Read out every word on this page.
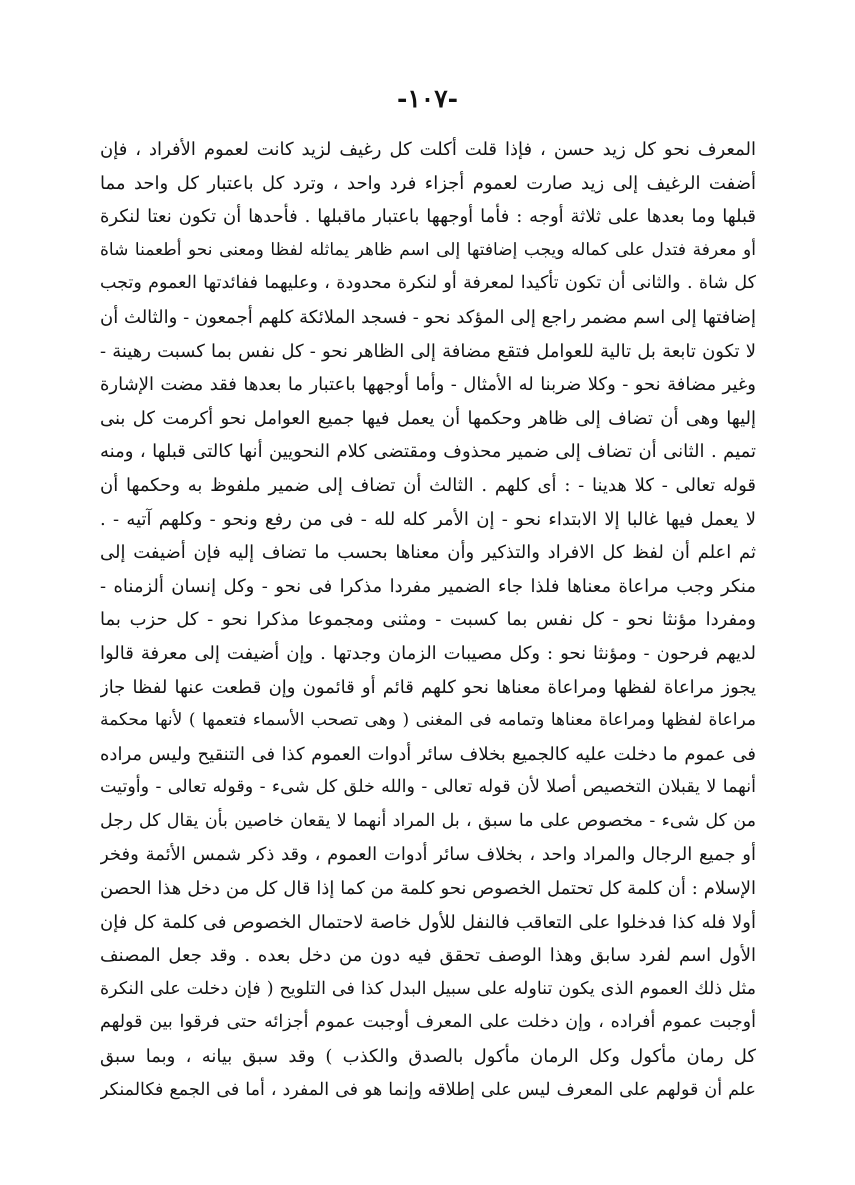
-١٠٧-
المعرف نحو كل زيد حسن ، فإذا قلت أكلت كل رغيف لزيد كانت لعموم الأفراد ، فإن
أضفت الرغيف إلى زيد صارت لعموم أجزاء فرد واحد ، وترد كل باعتبار كل واحد مما
قبلها وما بعدها على ثلاثة أوجه : فأما أوجهها باعتبار ماقبلها . فأحدها أن تكون نعتا لنكرة
أو معرفة فتدل على كماله ويجب إضافتها إلى اسم ظاهر يماثله لفظا ومعنى نحو أطعمنا شاة
كل شاة . والثانى أن تكون تأكيدا لمعرفة أو لنكرة محدودة ، وعليهما ففائدتها العموم وتجب
إضافتها إلى اسم مضمر راجع إلى المؤكد نحو - فسجد الملائكة كلهم أجمعون - والثالث أن
لا تكون تابعة بل تالية للعوامل فتقع مضافة إلى الظاهر نحو - كل نفس بما كسبت رهينة -
وغير مضافة نحو - وكلا ضربنا له الأمثال - وأما أوجهها باعتبار ما بعدها فقد مضت الإشارة
إليها وهى أن تضاف إلى ظاهر وحكمها أن يعمل فيها جميع العوامل نحو أكرمت كل بنى
تميم . الثانى أن تضاف إلى ضمير محذوف ومقتضى كلام النحويين أنها كالتى قبلها ، ومنه
قوله تعالى - كلا هدينا - : أى كلهم . الثالث أن تضاف إلى ضمير ملفوظ به وحكمها أن
لا يعمل فيها غالبا إلا الابتداء نحو - إن الأمر كله لله - فى من رفع ونحو - وكلهم آتيه - .
ثم اعلم أن لفظ كل الافراد والتذكير وأن معناها بحسب ما تضاف إليه فإن أضيفت إلى
منكر وجب مراعاة معناها فلذا جاء الضمير مفردا مذكرا فى نحو - وكل إنسان ألزمناه -
ومفردا مؤنثا نحو - كل نفس بما كسبت - ومثنى ومجموعا مذكرا نحو - كل حزب بما
لديهم فرحون - ومؤنثا نحو : وكل مصيبات الزمان وجدتها . وإن أضيفت إلى معرفة قالوا
يجوز مراعاة لفظها ومراعاة معناها نحو كلهم قائم أو قائمون وإن قطعت عنها لفظا جاز
مراعاة لفظها ومراعاة معناها وتمامه فى المغنى ( وهى تصحب الأسماء فتعمها ) لأنها محكمة
فى عموم ما دخلت عليه كالجميع بخلاف سائر أدوات العموم كذا فى التنقيح وليس مراده
أنهما لا يقبلان التخصيص أصلا لأن قوله تعالى - والله خلق كل شىء - وقوله تعالى - وأوتيت
من كل شىء - مخصوص على ما سبق ، بل المراد أنهما لا يقعان خاصين بأن يقال كل رجل
أو جميع الرجال والمراد واحد ، بخلاف سائر أدوات العموم ، وقد ذكر شمس الأئمة وفخر
الإسلام : أن كلمة كل تحتمل الخصوص نحو كلمة من كما إذا قال كل من دخل هذا الحصن
أولا فله كذا فدخلوا على التعاقب فالنفل للأول خاصة لاحتمال الخصوص فى كلمة كل فإن
الأول اسم لفرد سابق وهذا الوصف تحقق فيه دون من دخل بعده . وقد جعل المصنف
مثل ذلك العموم الذى يكون تناوله على سبيل البدل كذا فى التلويح ( فإن دخلت على النكرة
أوجبت عموم أفراده ، وإن دخلت على المعرف أوجبت عموم أجزائه حتى فرقوا بين قولهم
كل رمان مأكول وكل الرمان مأكول بالصدق والكذب ) وقد سبق بيانه ، وبما سبق
علم أن قولهم على المعرف ليس على إطلاقه وإنما هو فى المفرد ، أما فى الجمع فكالمنكر
